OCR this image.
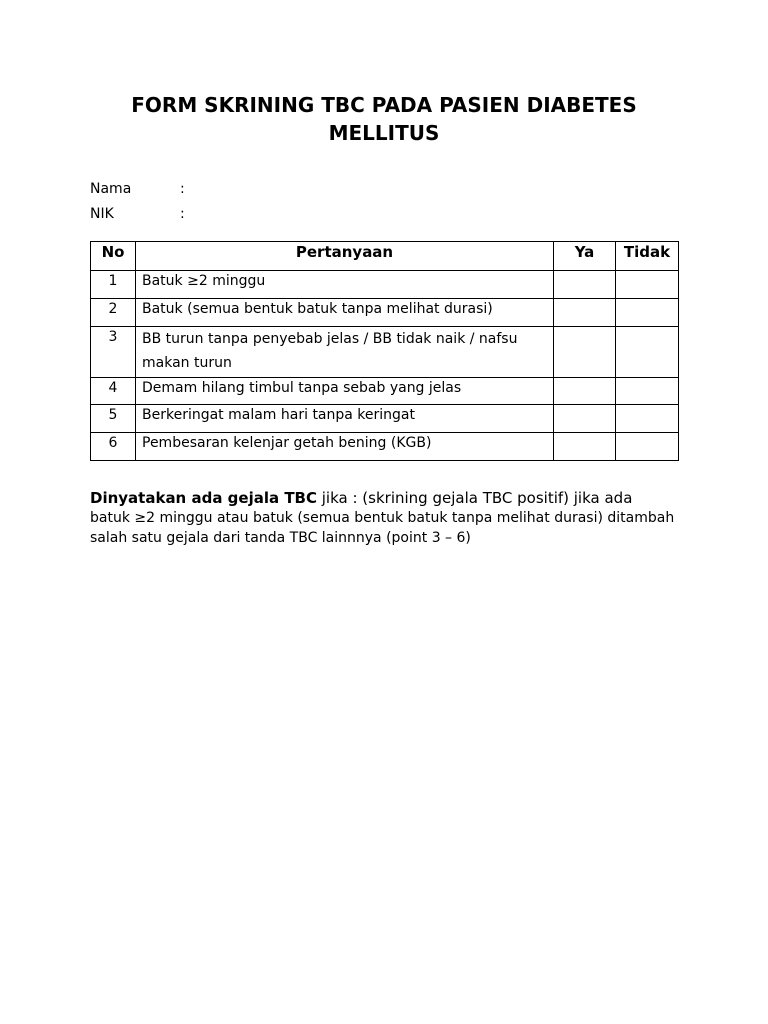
FORM SKRINING TBC PADA PASIEN DIABETES
MELLITUS
Nama	:
NIK	:
No	Pertanyaan	Ya	Tidak
1	Batuk ≥2 minggu		
2	Batuk (semua bentuk batuk tanpa melihat durasi)		
3	BB turun tanpa penyebab jelas / BB tidak naik / nafsu
makan turun		

4	Demam hilang timbul tanpa sebab yang jelas		
5	Berkeringat malam hari tanpa keringat		
6	Pembesaran kelenjar getah bening (KGB)		
Dinyatakan ada gejala TBC jika : (skrining gejala TBC positif) jika ada
batuk ≥2 minggu atau batuk (semua bentuk batuk tanpa melihat durasi) ditambah
salah satu gejala dari tanda TBC lainnnya (point 3 – 6)
